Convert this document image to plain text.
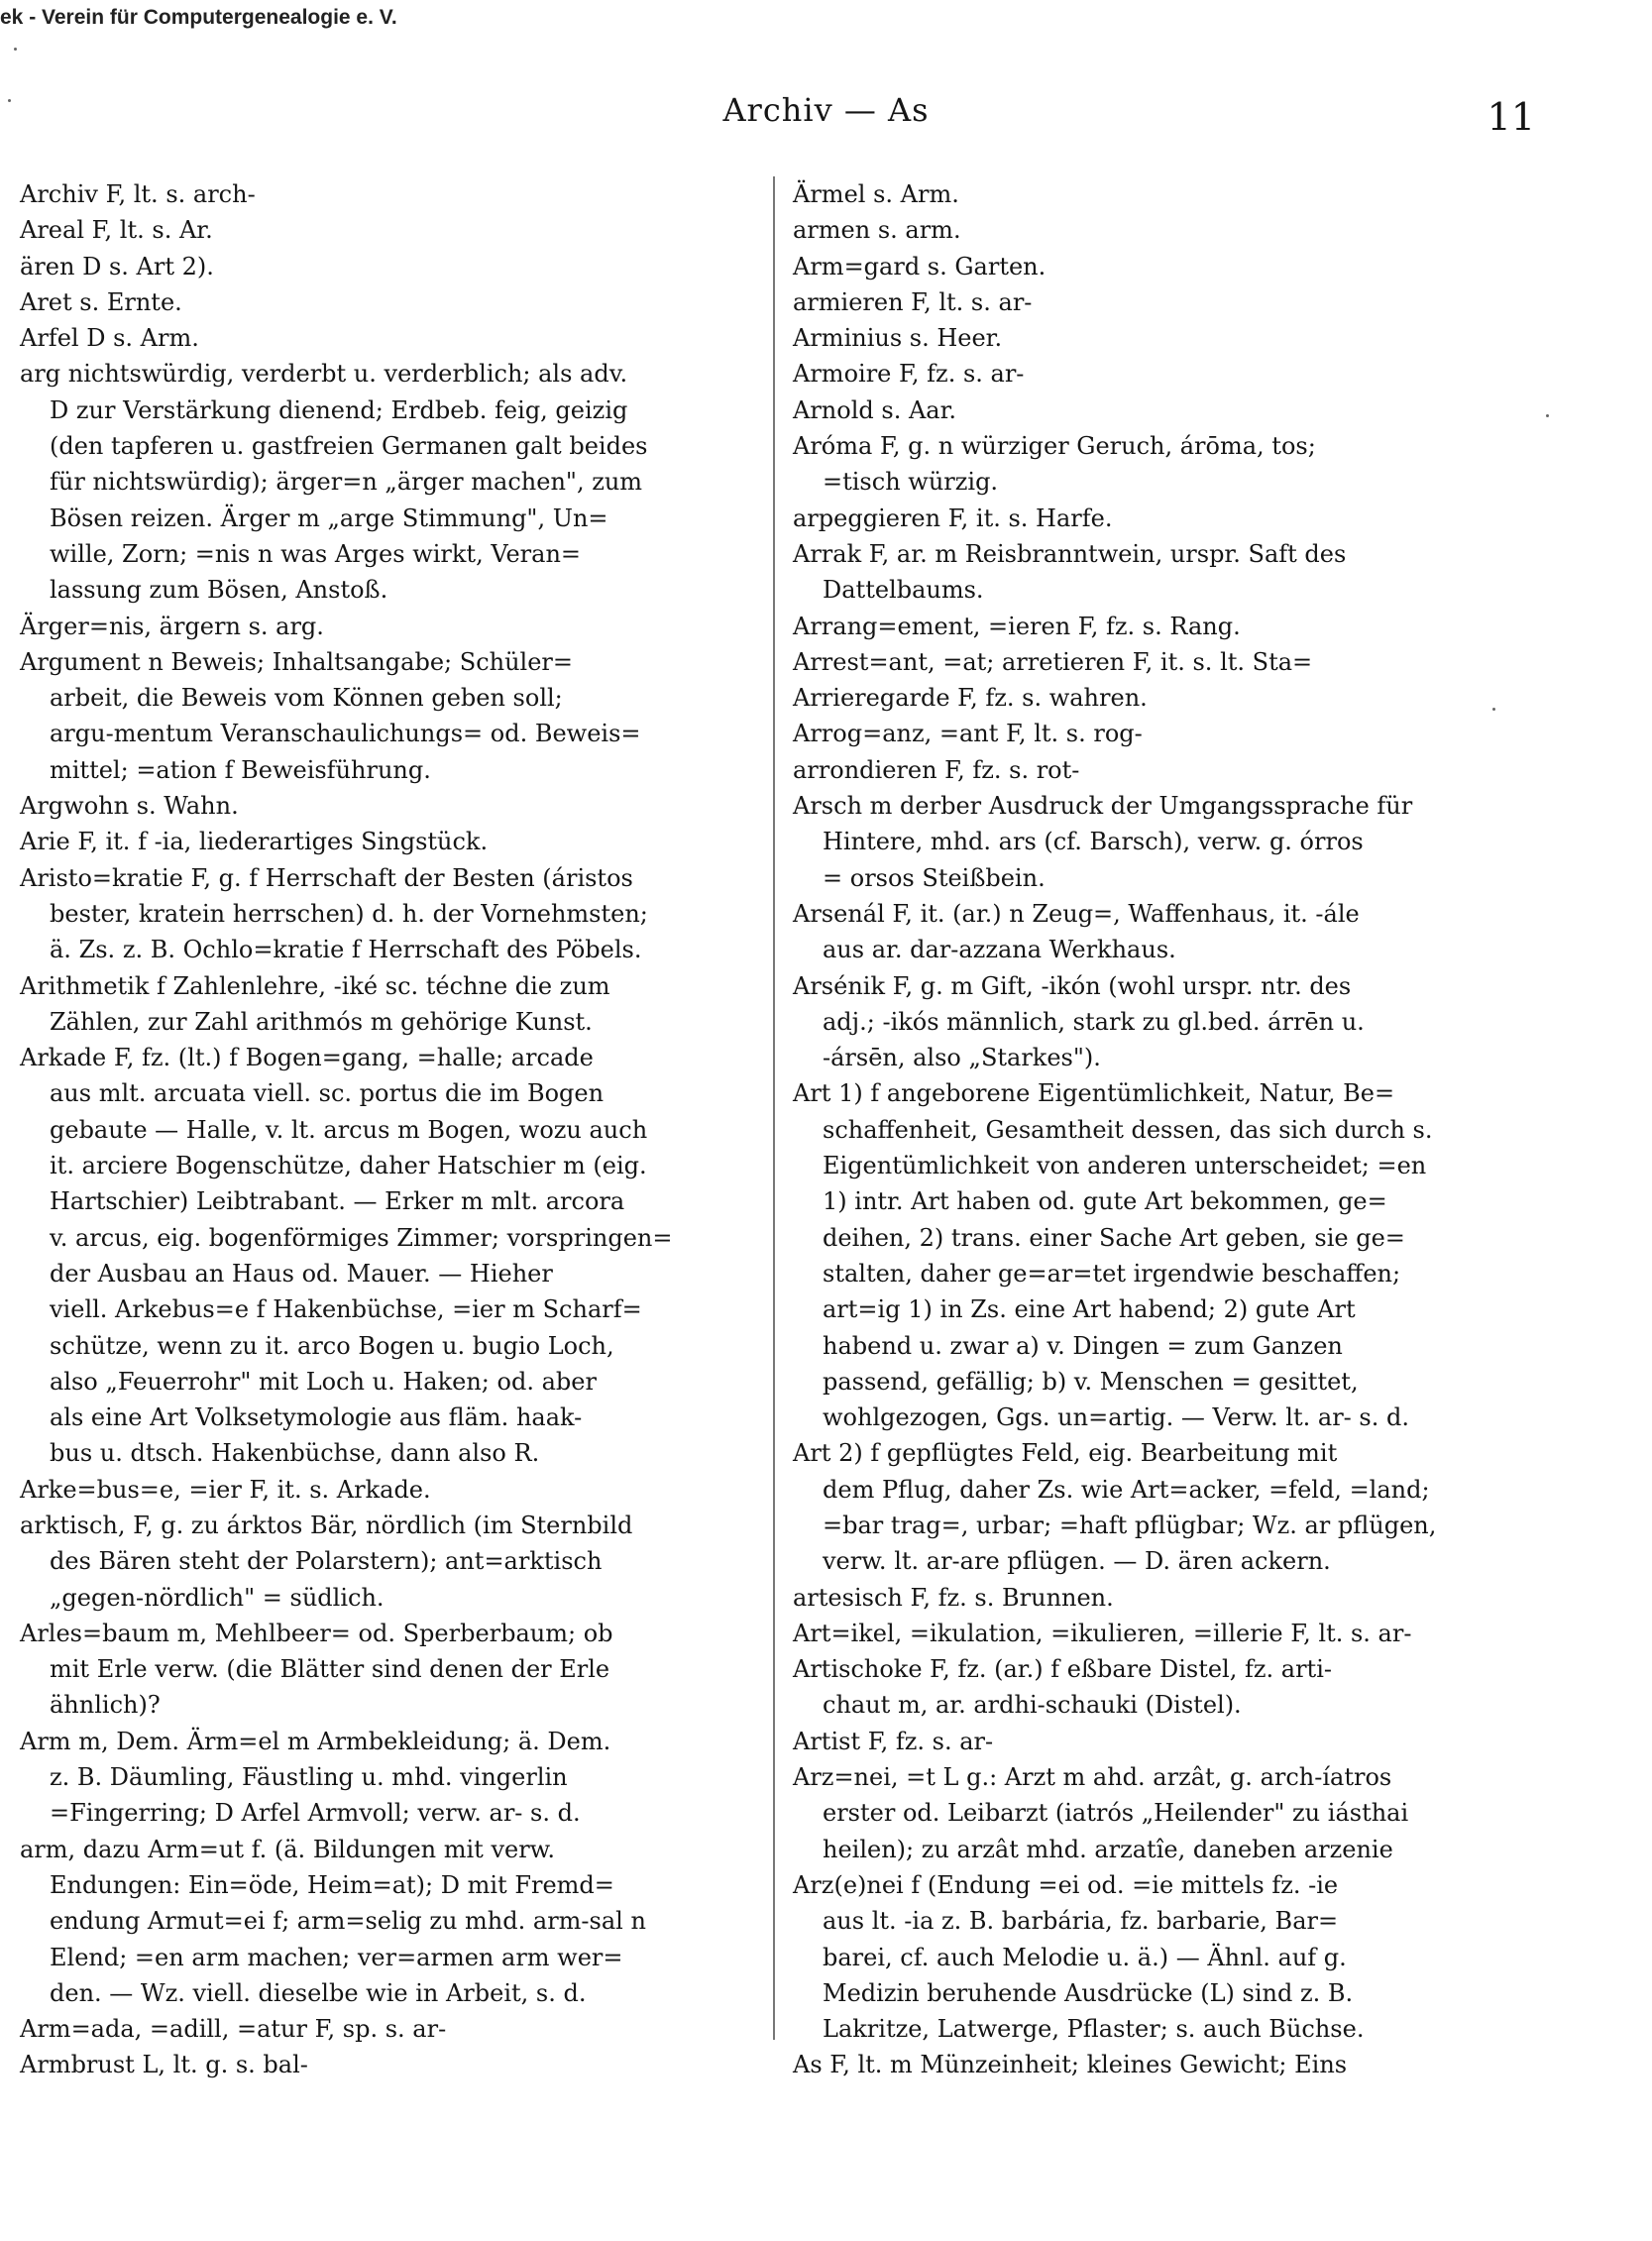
ek - Verein für Computergenealogie e. V.
Archiv — As	11
Archiv F, lt. s. arch-
Areal F, lt. s. Ar.
ären D s. Art 2).
Aret s. Ernte.
Arfel D s. Arm.
arg nichtswürdig, verderbt u. verderblich; als adv.
D zur Verstärkung dienend; Erdbeb. feig, geizig
(den tapferen u. gastfreien Germanen galt beides
für nichtswürdig); ärger=n „ärger machen", zum
Bösen reizen. Ärger m „arge Stimmung", Un=
wille, Zorn; =nis n was Arges wirkt, Veran=
lassung zum Bösen, Anstoß.
Ärger=nis, ärgern s. arg.
Argument n Beweis; Inhaltsangabe; Schüler=
arbeit, die Beweis vom Können geben soll;
argu-mentum Veranschaulichungs= od. Beweis=
mittel; =ation f Beweisführung.
Argwohn s. Wahn.
Arie F, it. f -ia, liederartiges Singstück.
Aristo=kratie F, g. f Herrschaft der Besten (áristos
bester, kratein herrschen) d. h. der Vornehmsten;
ä. Zs. z. B. Ochlo=kratie f Herrschaft des Pöbels.
Arithmetik f Zahlenlehre, -iké sc. téchne die zum
Zählen, zur Zahl arithmós m gehörige Kunst.
Arkade F, fz. (lt.) f Bogen=gang, =halle; arcade
aus mlt. arcuata viell. sc. portus die im Bogen
gebaute — Halle, v. lt. arcus m Bogen, wozu auch
it. arciere Bogenschütze, daher Hatschier m (eig.
Hartschier) Leibtrabant. — Erker m mlt. arcora
v. arcus, eig. bogenförmiges Zimmer; vorspringen=
der Ausbau an Haus od. Mauer. — Hieher
viell. Arkebus=e f Hakenbüchse, =ier m Scharf=
schütze, wenn zu it. arco Bogen u. bugio Loch,
also „Feuerrohr" mit Loch u. Haken; od. aber
als eine Art Volksetymologie aus fläm. haak-
bus u. dtsch. Hakenbüchse, dann also R.
Arke=bus=e, =ier F, it. s. Arkade.
arktisch, F, g. zu árktos Bär, nördlich (im Sternbild
des Bären steht der Polarstern); ant=arktisch
„gegen-nördlich" = südlich.
Arles=baum m, Mehlbeer= od. Sperberbaum; ob
mit Erle verw. (die Blätter sind denen der Erle
ähnlich)?
Arm m, Dem. Ärm=el m Armbekleidung; ä. Dem.
z. B. Däumling, Fäustling u. mhd. vingerlin
=Fingerring; D Arfel Armvoll; verw. ar- s. d.
arm, dazu Arm=ut f. (ä. Bildungen mit verw.
Endungen: Ein=öde, Heim=at); D mit Fremd=
endung Armut=ei f; arm=selig zu mhd. arm-sal n
Elend; =en arm machen; ver=armen arm wer=
den. — Wz. viell. dieselbe wie in Arbeit, s. d.
Arm=ada, =adill, =atur F, sp. s. ar-
Armbrust L, lt. g. s. bal-
Ärmel s. Arm.
armen s. arm.
Arm=gard s. Garten.
armieren F, lt. s. ar-
Arminius s. Heer.
Armoire F, fz. s. ar-
Arnold s. Aar.
Aróma F, g. n würziger Geruch, árōma, tos;
=tisch würzig.
arpeggieren F, it. s. Harfe.
Arrak F, ar. m Reisbranntwein, urspr. Saft des
Dattelbaums.
Arrang=ement, =ieren F, fz. s. Rang.
Arrest=ant, =at; arretieren F, it. s. lt. Sta=
Arrieregarde F, fz. s. wahren.
Arrog=anz, =ant F, lt. s. rog-
arrondieren F, fz. s. rot-
Arsch m derber Ausdruck der Umgangssprache für
Hintere, mhd. ars (cf. Barsch), verw. g. órros
= orsos Steißbein.
Arsenál F, it. (ar.) n Zeug=, Waffenhaus, it. -ále
aus ar. dar-azzana Werkhaus.
Arsénik F, g. m Gift, -ikón (wohl urspr. ntr. des
adj.; -ikós männlich, stark zu gl.bed. árrēn u.
-ársēn, also „Starkes").
Art 1) f angeborene Eigentümlichkeit, Natur, Be=
schaffenheit, Gesamtheit dessen, das sich durch s.
Eigentümlichkeit von anderen unterscheidet; =en
1) intr. Art haben od. gute Art bekommen, ge=
deihen, 2) trans. einer Sache Art geben, sie ge=
stalten, daher ge=ar=tet irgendwie beschaffen;
art=ig 1) in Zs. eine Art habend; 2) gute Art
habend u. zwar a) v. Dingen = zum Ganzen
passend, gefällig; b) v. Menschen = gesittet,
wohlgezogen, Ggs. un=artig. — Verw. lt. ar- s. d.
Art 2) f gepflügtes Feld, eig. Bearbeitung mit
dem Pflug, daher Zs. wie Art=acker, =feld, =land;
=bar trag=, urbar; =haft pflügbar; Wz. ar pflügen,
verw. lt. ar-are pflügen. — D. ären ackern.
artesisch F, fz. s. Brunnen.
Art=ikel, =ikulation, =ikulieren, =illerie F, lt. s. ar-
Artischoke F, fz. (ar.) f eßbare Distel, fz. arti-
chaut m, ar. ardhi-schauki (Distel).
Artist F, fz. s. ar-
Arz=nei, =t L g.: Arzt m ahd. arzât, g. arch-íatros
erster od. Leibarzt (iatrós „Heilender" zu iásthai
heilen); zu arzât mhd. arzatîe, daneben arzenie
Arz(e)nei f (Endung =ei od. =ie mittels fz. -ie
aus lt. -ia z. B. barbária, fz. barbarie, Bar=
barei, cf. auch Melodie u. ä.) — Ähnl. auf g.
Medizin beruhende Ausdrücke (L) sind z. B.
Lakritze, Latwerge, Pflaster; s. auch Büchse.
As F, lt. m Münzeinheit; kleines Gewicht; Eins
